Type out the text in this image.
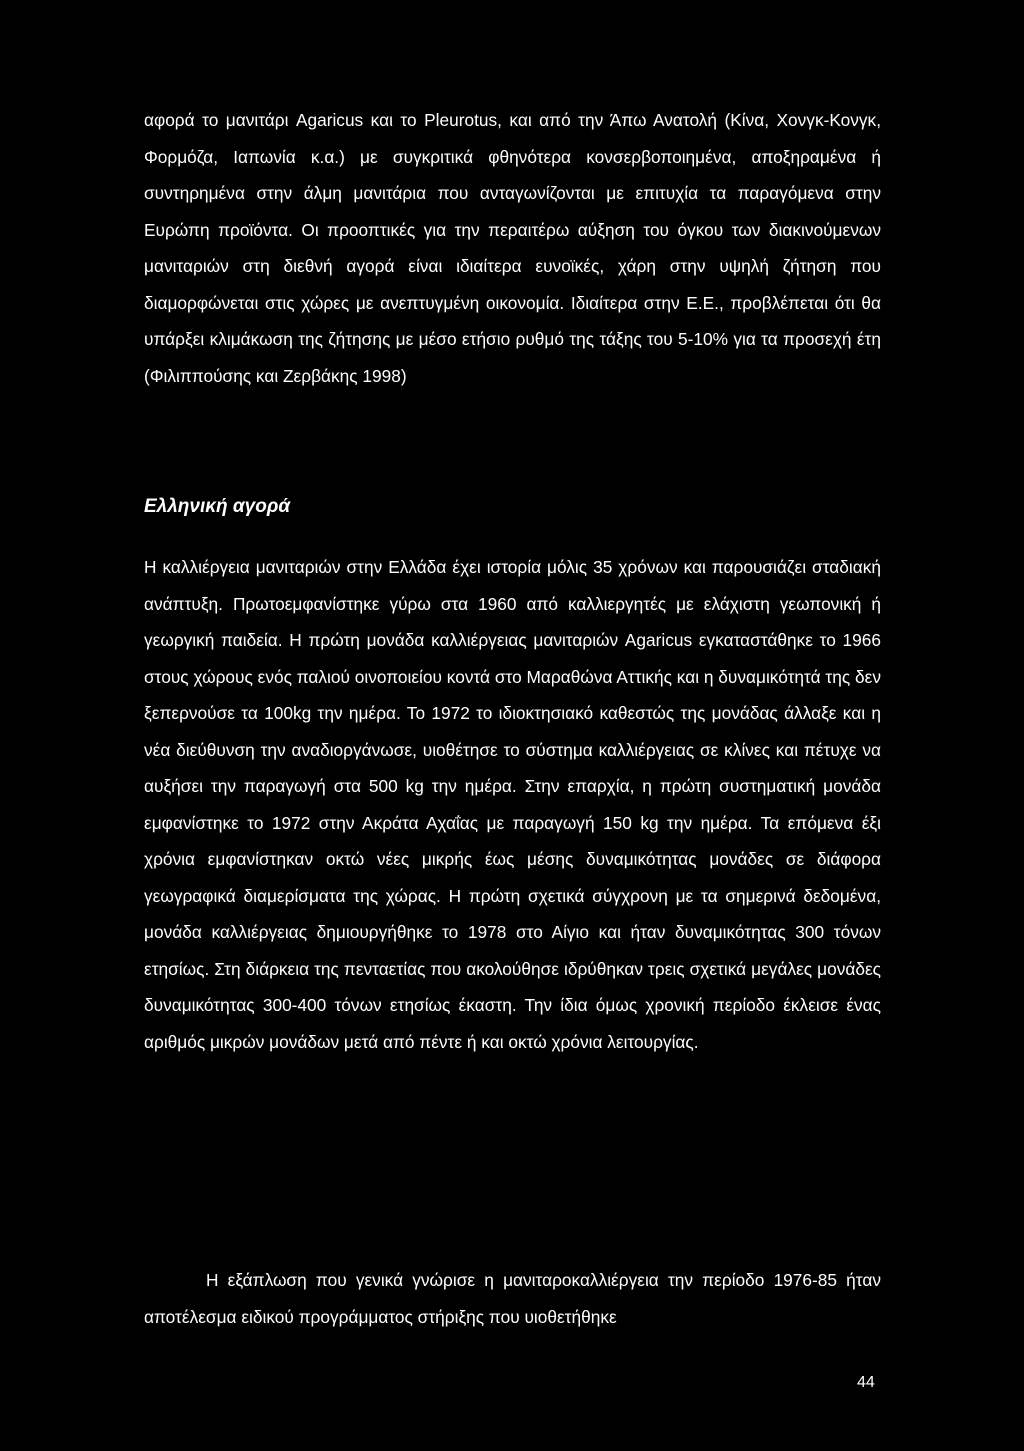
αφορά το μανιτάρι Agaricus και το Pleurotus, και από την Άπω Ανατολή (Κίνα, Χονγκ-Κονγκ, Φορμόζα, Ιαπωνία κ.α.) με συγκριτικά φθηνότερα κονσερβοποιημένα, αποξηραμένα ή συντηρημένα στην άλμη μανιτάρια που ανταγωνίζονται με επιτυχία τα παραγόμενα στην Ευρώπη προϊόντα. Οι προοπτικές για την περαιτέρω αύξηση του όγκου των διακινούμενων μανιταριών στη διεθνή αγορά είναι ιδιαίτερα ευνοϊκές, χάρη στην υψηλή ζήτηση που διαμορφώνεται στις χώρες με ανεπτυγμένη οικονομία. Ιδιαίτερα στην Ε.Ε., προβλέπεται ότι θα υπάρξει κλιμάκωση της ζήτησης με μέσο ετήσιο ρυθμό της τάξης του 5-10% για τα προσεχή έτη (Φιλιππούσης και Ζερβάκης 1998)

Ελληνική αγορά

Η καλλιέργεια μανιταριών στην Ελλάδα έχει ιστορία μόλις 35 χρόνων και παρουσιάζει σταδιακή ανάπτυξη. Πρωτοεμφανίστηκε γύρω στα 1960 από καλλιεργητές με ελάχιστη γεωπονική ή γεωργική παιδεία. Η πρώτη μονάδα καλλιέργειας μανιταριών Agaricus εγκαταστάθηκε το 1966 στους χώρους ενός παλιού οινοποιείου κοντά στο Μαραθώνα Αττικής και η δυναμικότητά της δεν ξεπερνούσε τα 100kg την ημέρα. Το 1972 το ιδιοκτησιακό καθεστώς της μονάδας άλλαξε και η νέα διεύθυνση την αναδιοργάνωσε, υιοθέτησε το σύστημα καλλιέργειας σε κλίνες και πέτυχε να αυξήσει την παραγωγή στα 500 kg την ημέρα. Στην επαρχία, η πρώτη συστηματική μονάδα εμφανίστηκε το 1972 στην Ακράτα Αχαΐας με παραγωγή 150 kg την ημέρα. Τα επόμενα έξι χρόνια εμφανίστηκαν οκτώ νέες μικρής έως μέσης δυναμικότητας μονάδες σε διάφορα γεωγραφικά διαμερίσματα της χώρας. Η πρώτη σχετικά σύγχρονη με τα σημερινά δεδομένα, μονάδα καλλιέργειας δημιουργήθηκε το 1978 στο Αίγιο και ήταν δυναμικότητας 300 τόνων ετησίως. Στη διάρκεια της πενταετίας που ακολούθησε ιδρύθηκαν τρεις σχετικά μεγάλες μονάδες δυναμικότητας 300-400 τόνων ετησίως έκαστη. Την ίδια όμως χρονική περίοδο έκλεισε ένας αριθμός μικρών μονάδων μετά από πέντε ή και οκτώ χρόνια λειτουργίας.

Η εξάπλωση που γενικά γνώρισε η μανιταροκαλλιέργεια την περίοδο 1976-85 ήταν αποτέλεσμα ειδικού προγράμματος στήριξης που υιοθετήθηκε

44
